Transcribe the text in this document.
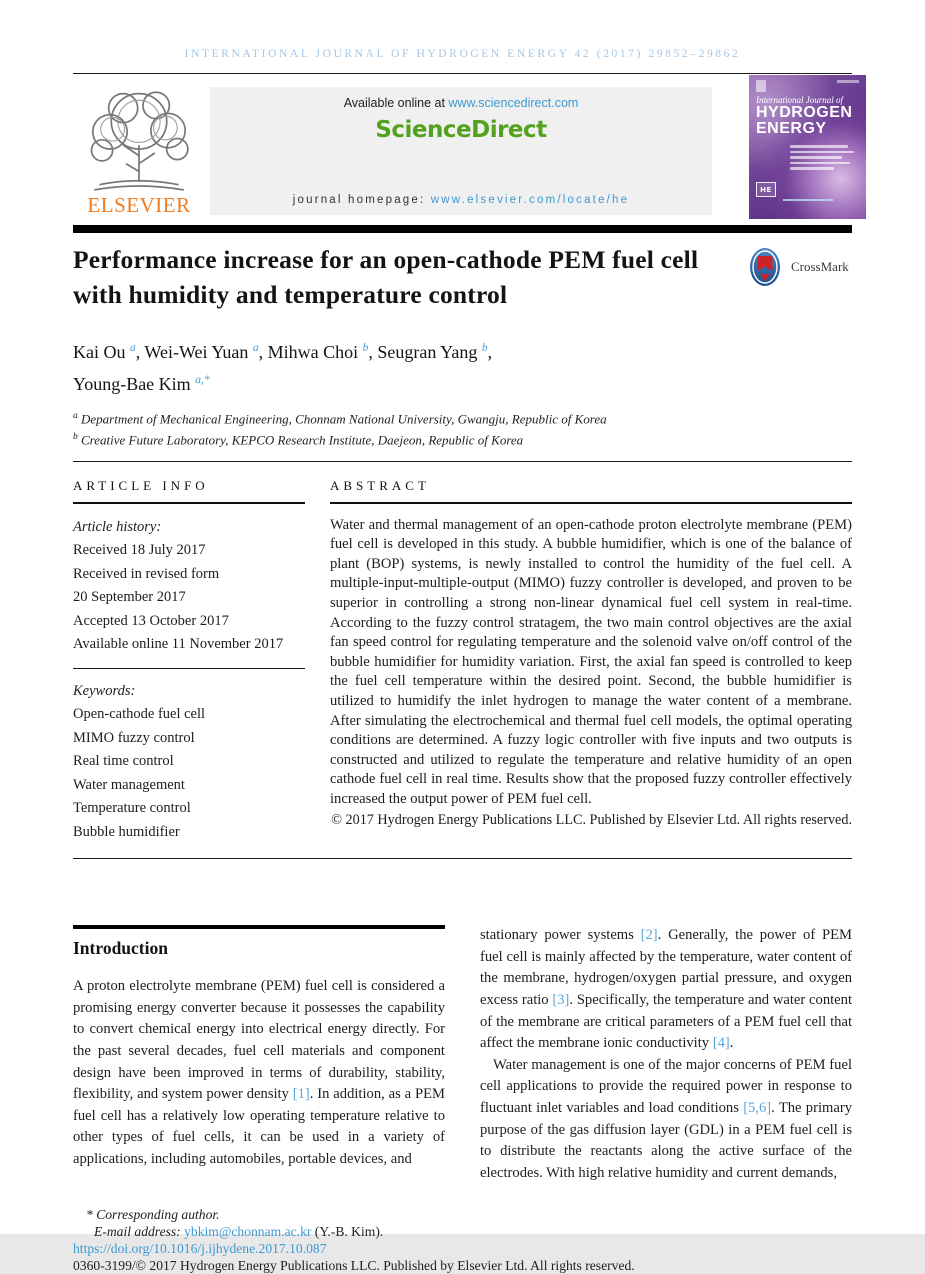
INTERNATIONAL JOURNAL OF HYDROGEN ENERGY 42 (2017) 29852–29862
ELSEVIER
Available online at www.sciencedirect.com
ScienceDirect
journal homepage: www.elsevier.com/locate/he
International Journal of
HYDROGEN
ENERGY
HE
Performance increase for an open-cathode PEM fuel cell with humidity and temperature control
CrossMark
Kai Ou $^a$, Wei-Wei Yuan $^a$, Mihwa Choi $^b$, Seugran Yang $^b$,
Young-Bae Kim $^{a,*}$
$^a$ Department of Mechanical Engineering, Chonnam National University, Gwangju, Republic of Korea
$^b$ Creative Future Laboratory, KEPCO Research Institute, Daejeon, Republic of Korea
ARTICLE INFO
Article history:
Received 18 July 2017
Received in revised form
20 September 2017
Accepted 13 October 2017
Available online 11 November 2017
Keywords:
Open-cathode fuel cell
MIMO fuzzy control
Real time control
Water management
Temperature control
Bubble humidifier
ABSTRACT
Water and thermal management of an open-cathode proton electrolyte membrane (PEM) fuel cell is developed in this study. A bubble humidifier, which is one of the balance of plant (BOP) systems, is newly installed to control the humidity of the fuel cell. A multiple-input-multiple-output (MIMO) fuzzy controller is developed, and proven to be superior in controlling a strong non-linear dynamical fuel cell system in real-time. According to the fuzzy control stratagem, the two main control objectives are the axial fan speed control for regulating temperature and the solenoid valve on/off control of the bubble humidifier for humidity variation. First, the axial fan speed is controlled to keep the fuel cell temperature within the desired point. Second, the bubble humidifier is utilized to humidify the inlet hydrogen to manage the water content of a membrane. After simulating the electrochemical and thermal fuel cell models, the optimal operating conditions are determined. A fuzzy logic controller with five inputs and two outputs is constructed and utilized to regulate the temperature and relative humidity of an open cathode fuel cell in real time. Results show that the proposed fuzzy controller effectively increased the output power of PEM fuel cell.
© 2017 Hydrogen Energy Publications LLC. Published by Elsevier Ltd. All rights reserved.
Introduction
A proton electrolyte membrane (PEM) fuel cell is considered a promising energy converter because it possesses the capability to convert chemical energy into electrical energy directly. For the past several decades, fuel cell materials and component design have been improved in terms of durability, stability, flexibility, and system power density [1]. In addition, as a PEM fuel cell has a relatively low operating temperature relative to other types of fuel cells, it can be used in a variety of applications, including automobiles, portable devices, and
stationary power systems [2]. Generally, the power of PEM fuel cell is mainly affected by the temperature, water content of the membrane, hydrogen/oxygen partial pressure, and oxygen excess ratio [3]. Specifically, the temperature and water content of the membrane are critical parameters of a PEM fuel cell that affect the membrane ionic conductivity [4].
Water management is one of the major concerns of PEM fuel cell applications to provide the required power in response to fluctuant inlet variables and load conditions [5,6]. The primary purpose of the gas diffusion layer (GDL) in a PEM fuel cell is to distribute the reactants along the active surface of the electrodes. With high relative humidity and current demands,
* Corresponding author.
E-mail address: ybkim@chonnam.ac.kr (Y.-B. Kim).
https://doi.org/10.1016/j.ijhydene.2017.10.087
0360-3199/© 2017 Hydrogen Energy Publications LLC. Published by Elsevier Ltd. All rights reserved.
